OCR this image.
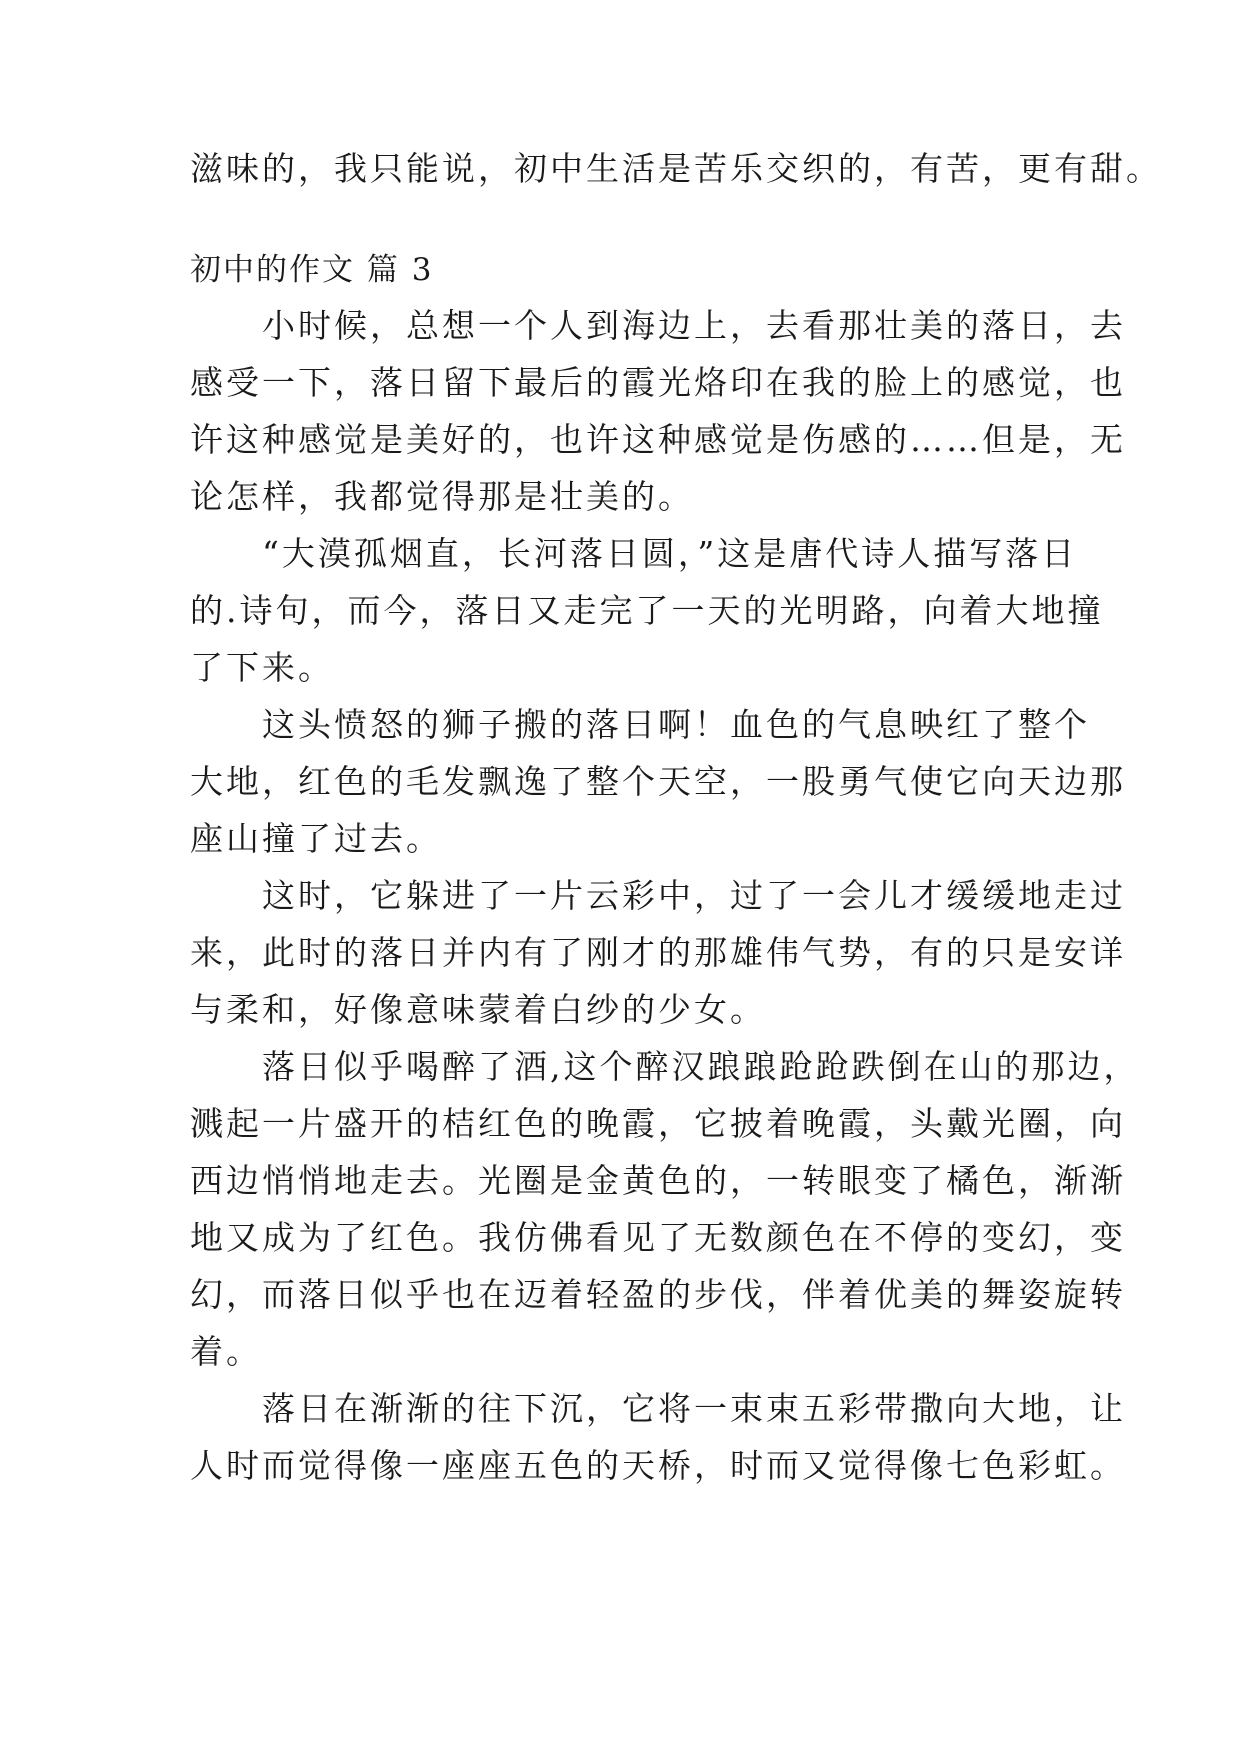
滋味的，我只能说，初中生活是苦乐交织的，有苦，更有甜。

初中的作文 篇 3

　　小时候，总想一个人到海边上，去看那壮美的落日，去

感受一下，落日留下最后的霞光烙印在我的脸上的感觉，也

许这种感觉是美好的，也许这种感觉是伤感的……但是，无

论怎样，我都觉得那是壮美的。

　　“大漠孤烟直，长河落日圆，”这是唐代诗人描写落日

的.诗句，而今，落日又走完了一天的光明路，向着大地撞

了下来。

　　这头愤怒的狮子搬的落日啊！血色的气息映红了整个

大地，红色的毛发飘逸了整个天空，一股勇气使它向天边那

座山撞了过去。

　　这时，它躲进了一片云彩中，过了一会儿才缓缓地走过

来，此时的落日并内有了刚才的那雄伟气势，有的只是安详

与柔和，好像意味蒙着白纱的少女。

　　落日似乎喝醉了酒,这个醉汉踉踉跄跄跌倒在山的那边，

溅起一片盛开的桔红色的晚霞，它披着晚霞，头戴光圈，向

西边悄悄地走去。光圈是金黄色的，一转眼变了橘色，渐渐

地又成为了红色。我仿佛看见了无数颜色在不停的变幻，变

幻，而落日似乎也在迈着轻盈的步伐，伴着优美的舞姿旋转

着。

　　落日在渐渐的往下沉，它将一束束五彩带撒向大地，让

人时而觉得像一座座五色的天桥，时而又觉得像七色彩虹。
